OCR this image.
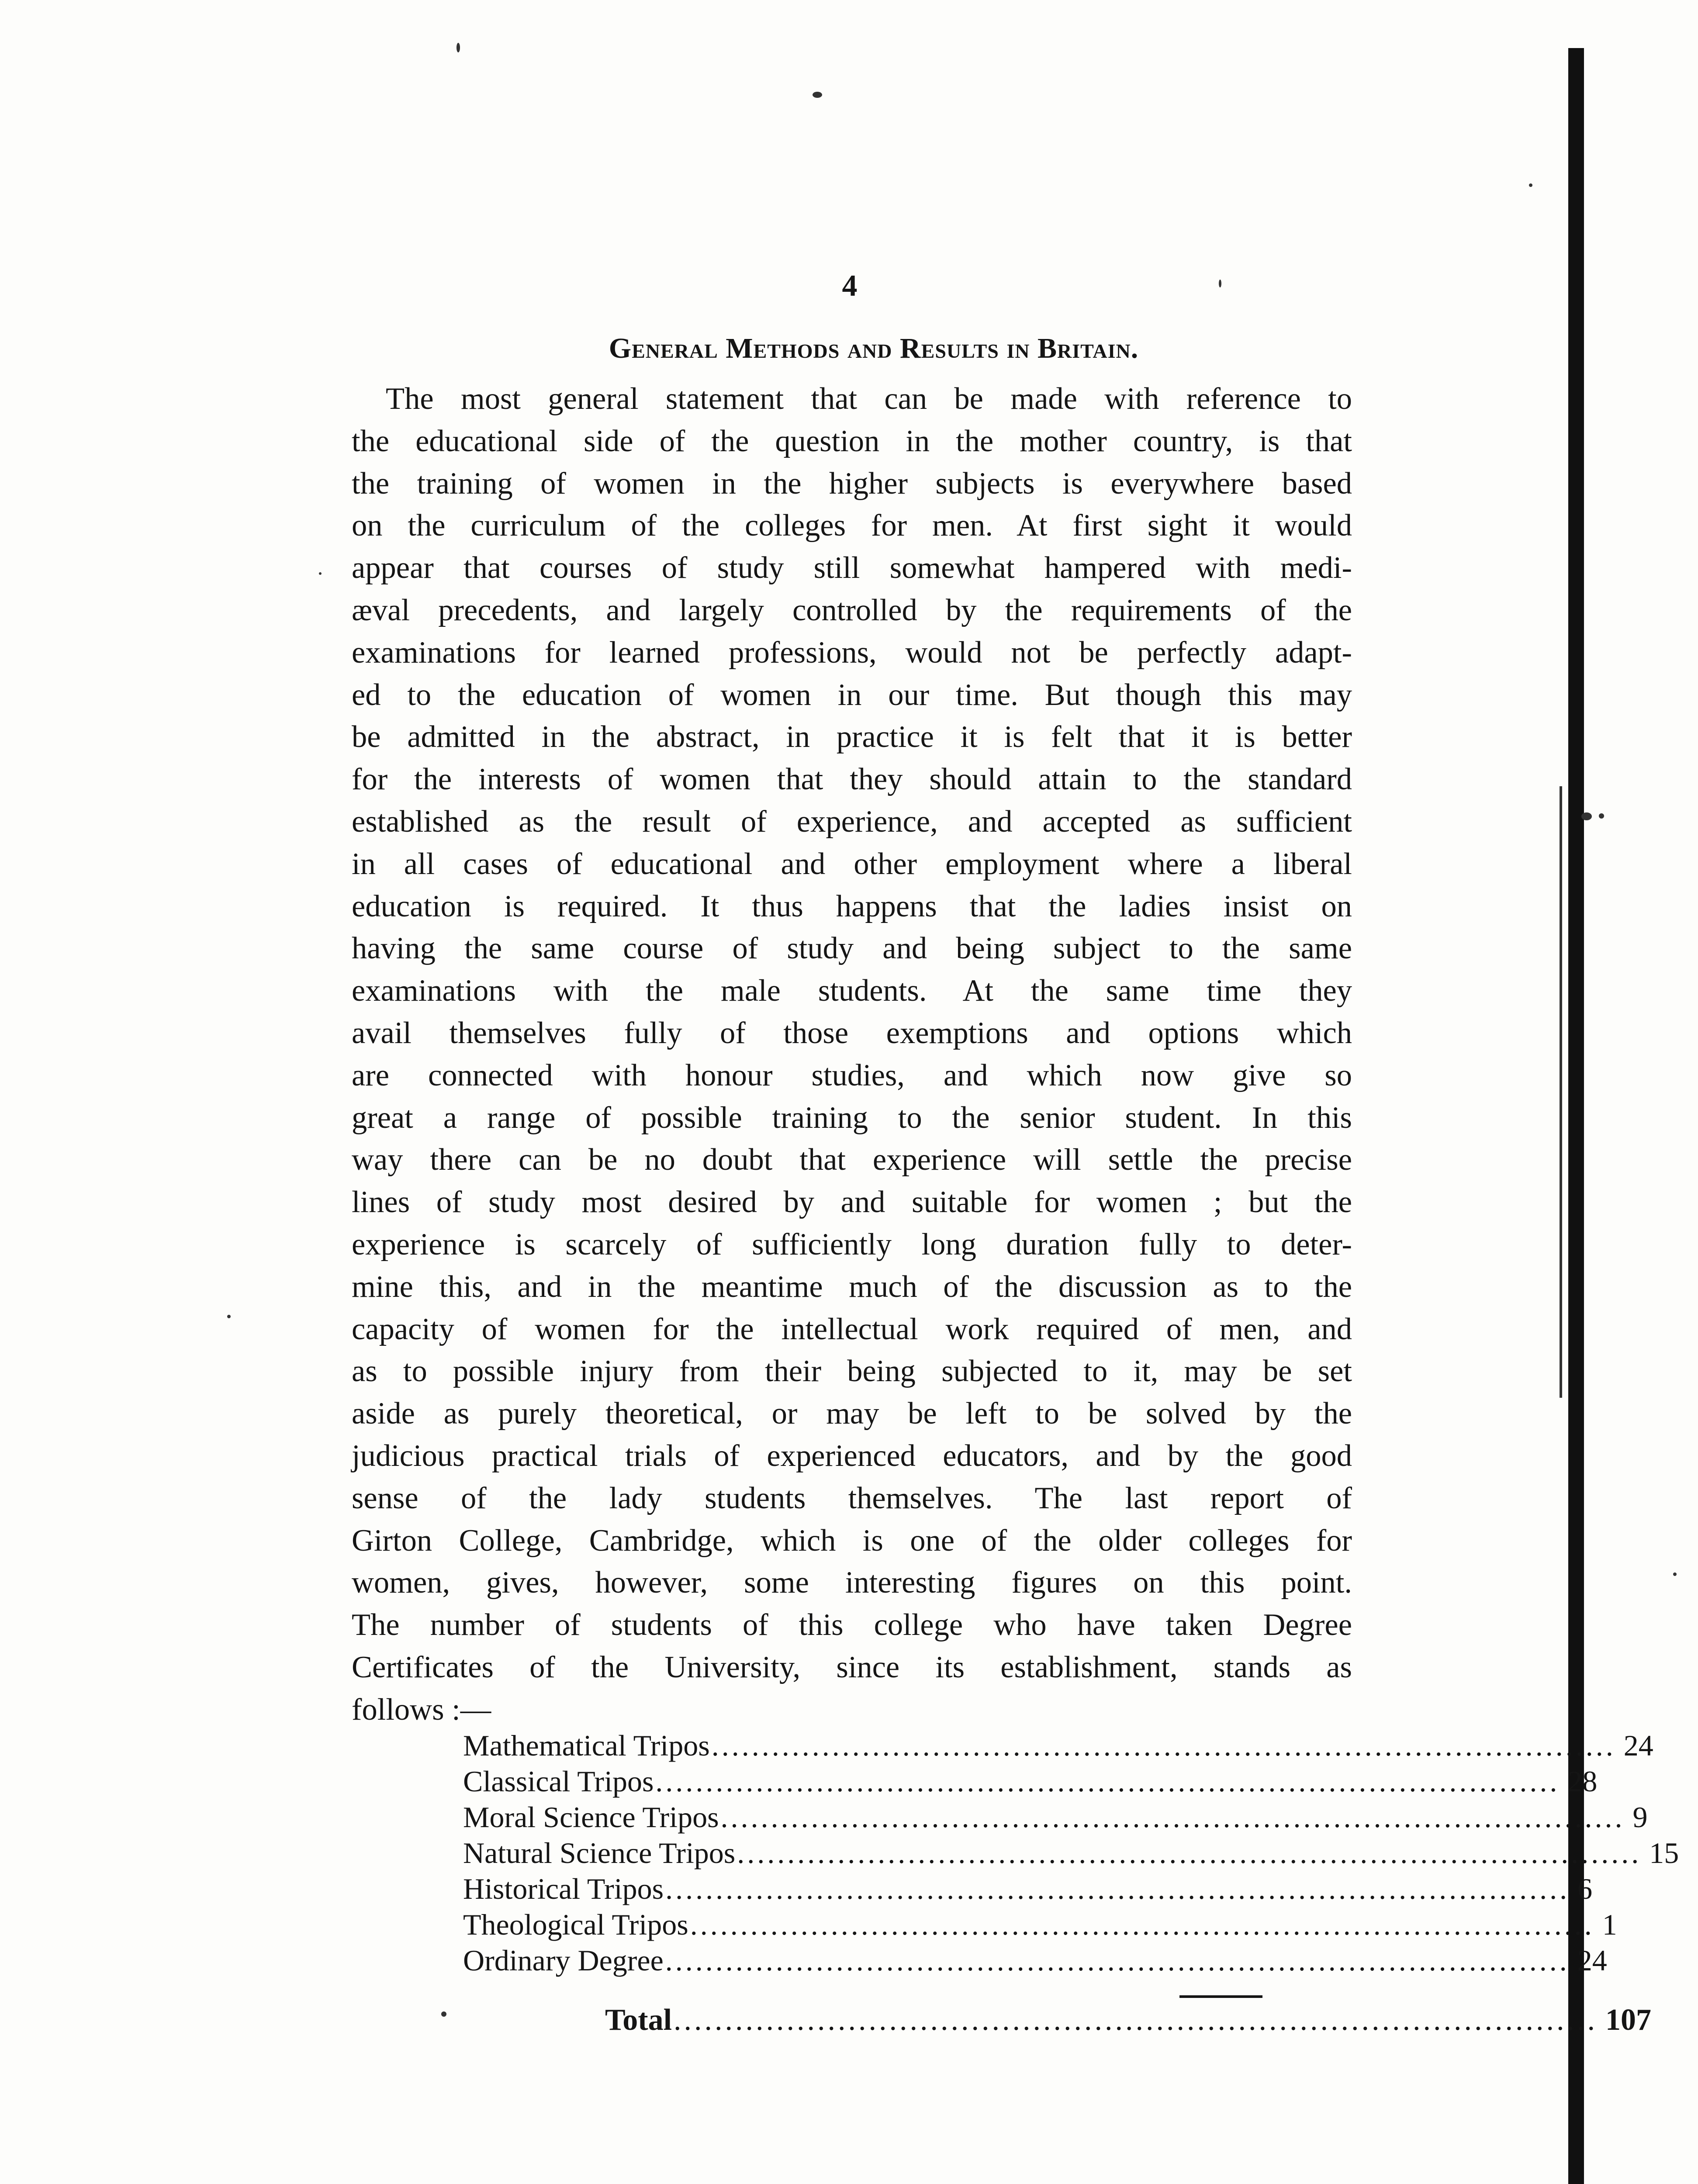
4
General Methods and Results in Britain.
The most general statement that can be made with reference to
the educational side of the question in the mother country, is that
the training of women in the higher subjects is everywhere based
on the curriculum of the colleges for men. At first sight it would
appear that courses of study still somewhat hampered with medi-
æval precedents, and largely controlled by the requirements of the
examinations for learned professions, would not be perfectly adapt-
ed to the education of women in our time. But though this may
be admitted in the abstract, in practice it is felt that it is better
for the interests of women that they should attain to the standard
established as the result of experience, and accepted as sufficient
in all cases of educational and other employment where a liberal
education is required. It thus happens that the ladies insist on
having the same course of study and being subject to the same
examinations with the male students. At the same time they
avail themselves fully of those exemptions and options which
are connected with honour studies, and which now give so
great a range of possible training to the senior student. In this
way there can be no doubt that experience will settle the precise
lines of study most desired by and suitable for women ; but the
experience is scarcely of sufficiently long duration fully to deter-
mine this, and in the meantime much of the discussion as to the
capacity of women for the intellectual work required of men, and
as to possible injury from their being subjected to it, may be set
aside as purely theoretical, or may be left to be solved by the
judicious practical trials of experienced educators, and by the good
sense of the lady students themselves. The last report of
Girton College, Cambridge, which is one of the older colleges for
women, gives, however, some interesting figures on this point.
The number of students of this college who have taken Degree
Certificates of the University, since its establishment, stands as
follows :—
Mathematical Tripos .......................................................................................... 24
Classical Tripos .......................................................................................... 28
Moral Science Tripos .......................................................................................... 9
Natural Science Tripos .......................................................................................... 15
Historical Tripos .......................................................................................... 6
Theological Tripos .......................................................................................... 1
Ordinary Degree .......................................................................................... 24
Total .......................................................................................... 107
